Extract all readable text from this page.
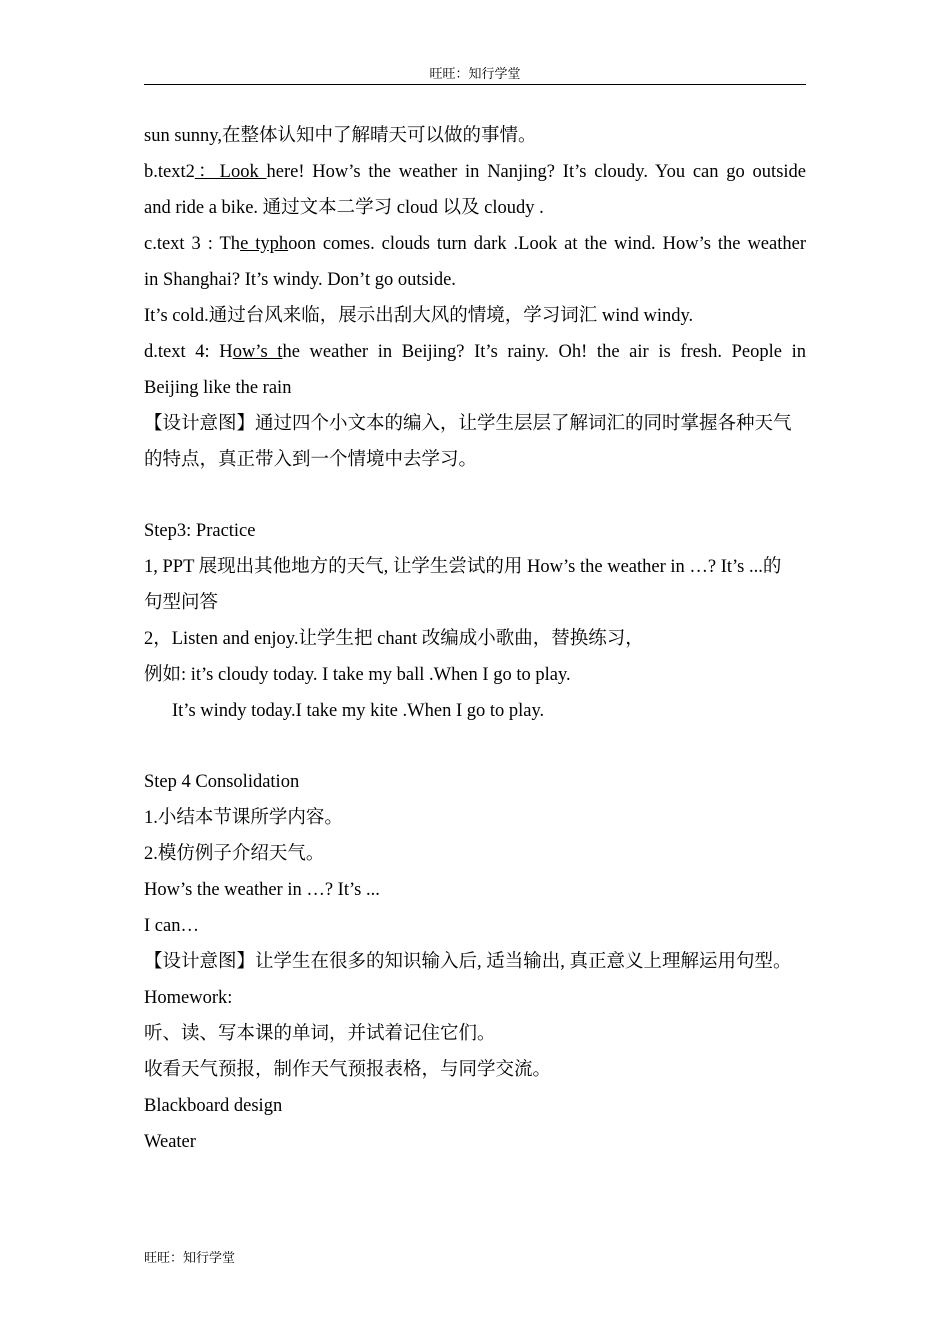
旺旺：知行学堂
sun sunny,在整体认知中了解晴天可以做的事情。
b.text2：Look here! How’s the weather in Nanjing? It’s cloudy. You can go outside
and ride a bike. 通过文本二学习 cloud 以及 cloudy .
c.text 3 : The typhoon comes. clouds turn dark .Look at the wind. How’s the weather
in Shanghai? It’s windy. Don’t go outside.
It’s cold.通过台风来临，展示出刮大风的情境，学习词汇 wind windy.
d.text 4: How’s the weather in Beijing? It’s rainy. Oh! the air is fresh. People in
Beijing like the rain
【设计意图】通过四个小文本的编入，让学生层层了解词汇的同时掌握各种天气
的特点，真正带入到一个情境中去学习。
Step3: Practice
1, PPT 展现出其他地方的天气, 让学生尝试的用 How’s the weather in …? It’s ...的
句型问答
2，Listen and enjoy.让学生把 chant 改编成小歌曲，替换练习，
例如: it’s cloudy today. I take my ball .When I go to play.
It’s windy today.I take my kite .When I go to play.
Step 4 Consolidation
1.小结本节课所学内容。
2.模仿例子介绍天气。
How’s the weather in …? It’s ...
I can…
【设计意图】让学生在很多的知识输入后, 适当输出, 真正意义上理解运用句型。
Homework:
听、读、写本课的单词，并试着记住它们。
收看天气预报，制作天气预报表格，与同学交流。
Blackboard design
Weater
旺旺：知行学堂
